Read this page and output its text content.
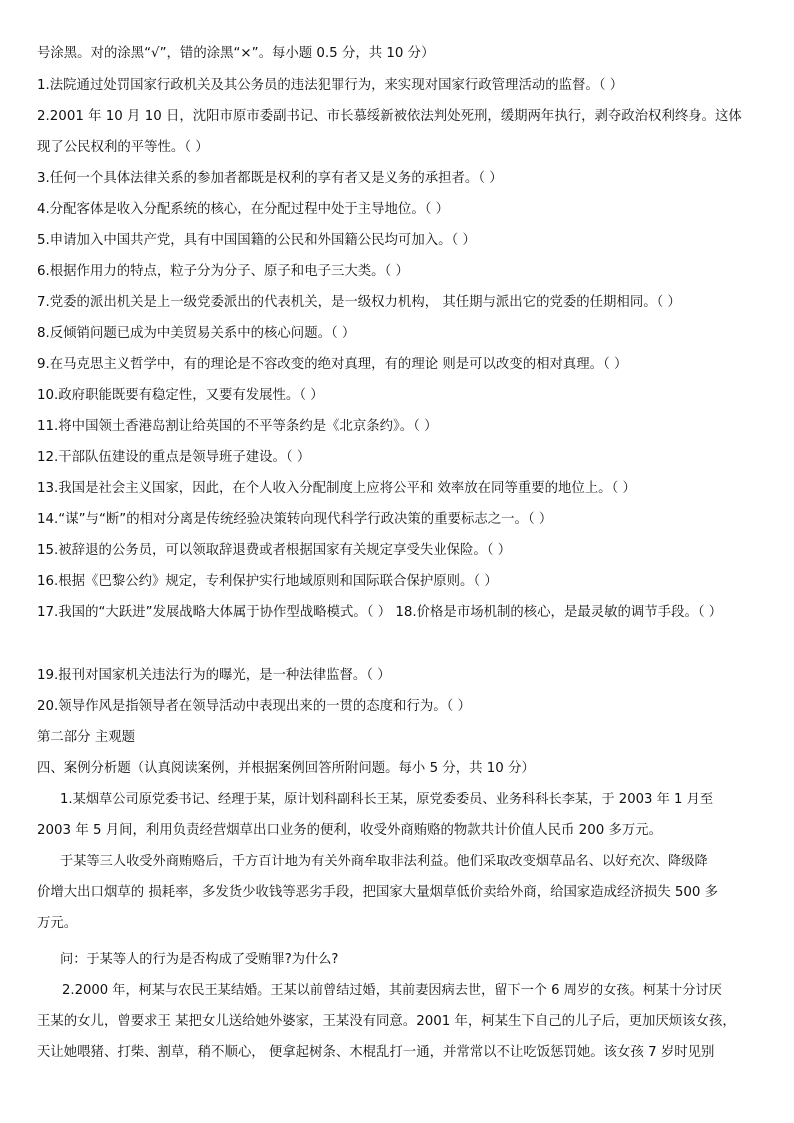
号涂黑。对的涂黑“√”，错的涂黑“×”。每小题 0.5 分，共 10 分）
1.法院通过处罚国家行政机关及其公务员的违法犯罪行为，来实现对国家行政管理活动的监督。（ ）
2.2001 年 10 月 10 日，沈阳市原市委副书记、市长慕绥新被依法判处死刑，缓期两年执行，剥夺政治权利终身。这体
现了公民权利的平等性。（ ）
3.任何一个具体法律关系的参加者都既是权利的享有者又是义务的承担者。（ ）
4.分配客体是收入分配系统的核心，在分配过程中处于主导地位。（ ）
5.申请加入中国共产党，具有中国国籍的公民和外国籍公民均可加入。（ ）
6.根据作用力的特点，粒子分为分子、原子和电子三大类。（ ）
7.党委的派出机关是上一级党委派出的代表机关，是一级权力机构， 其任期与派出它的党委的任期相同。（ ）
8.反倾销问题已成为中美贸易关系中的核心问题。（ ）
9.在马克思主义哲学中，有的理论是不容改变的绝对真理，有的理论 则是可以改变的相对真理。（ ）
10.政府职能既要有稳定性，又要有发展性。（ ）
11.将中国领土香港岛割让给英国的不平等条约是《北京条约》。（ ）
12.干部队伍建设的重点是领导班子建设。（ ）
13.我国是社会主义国家，因此，在个人收入分配制度上应将公平和 效率放在同等重要的地位上。（ ）
14.“谋”与“断”的相对分离是传统经验决策转向现代科学行政决策的重要标志之一。（ ）
15.被辞退的公务员，可以领取辞退费或者根据国家有关规定享受失业保险。（ ）
16.根据《巴黎公约》规定，专利保护实行地域原则和国际联合保护原则。（ ）
17.我国的“大跃进”发展战略大体属于协作型战略模式。（ ） 18.价格是市场机制的核心，是最灵敏的调节手段。（ ）
19.报刊对国家机关违法行为的曝光，是一种法律监督。（ ）
20.领导作风是指领导者在领导活动中表现出来的一贯的态度和行为。（ ）
第二部分 主观题
四、案例分析题（认真阅读案例，并根据案例回答所附问题。每小 5 分，共 10 分）
1.某烟草公司原党委书记、经理于某，原计划科副科长王某，原党委委员、业务科科长李某，于 2003 年 1 月至
2003 年 5 月间，利用负责经营烟草出口业务的便利，收受外商贿赂的物款共计价值人民币 200 多万元。
于某等三人收受外商贿赂后，千方百计地为有关外商牟取非法利益。他们采取改变烟草品名、以好充次、降级降
价增大出口烟草的 损耗率，多发货少收钱等恶劣手段，把国家大量烟草低价卖给外商，给国家造成经济损失 500 多
万元。
问：于某等人的行为是否构成了受贿罪?为什么?
2.2000 年，柯某与农民王某结婚。王某以前曾结过婚，其前妻因病去世，留下一个 6 周岁的女孩。柯某十分讨厌
王某的女儿，曾要求王 某把女儿送给她外婆家，王某没有同意。2001 年，柯某生下自己的儿子后，更加厌烦该女孩，
天让她喂猪、打柴、割草，稍不顺心， 便拿起树条、木棍乱打一通，并常常以不让吃饭惩罚她。该女孩 7 岁时见别
